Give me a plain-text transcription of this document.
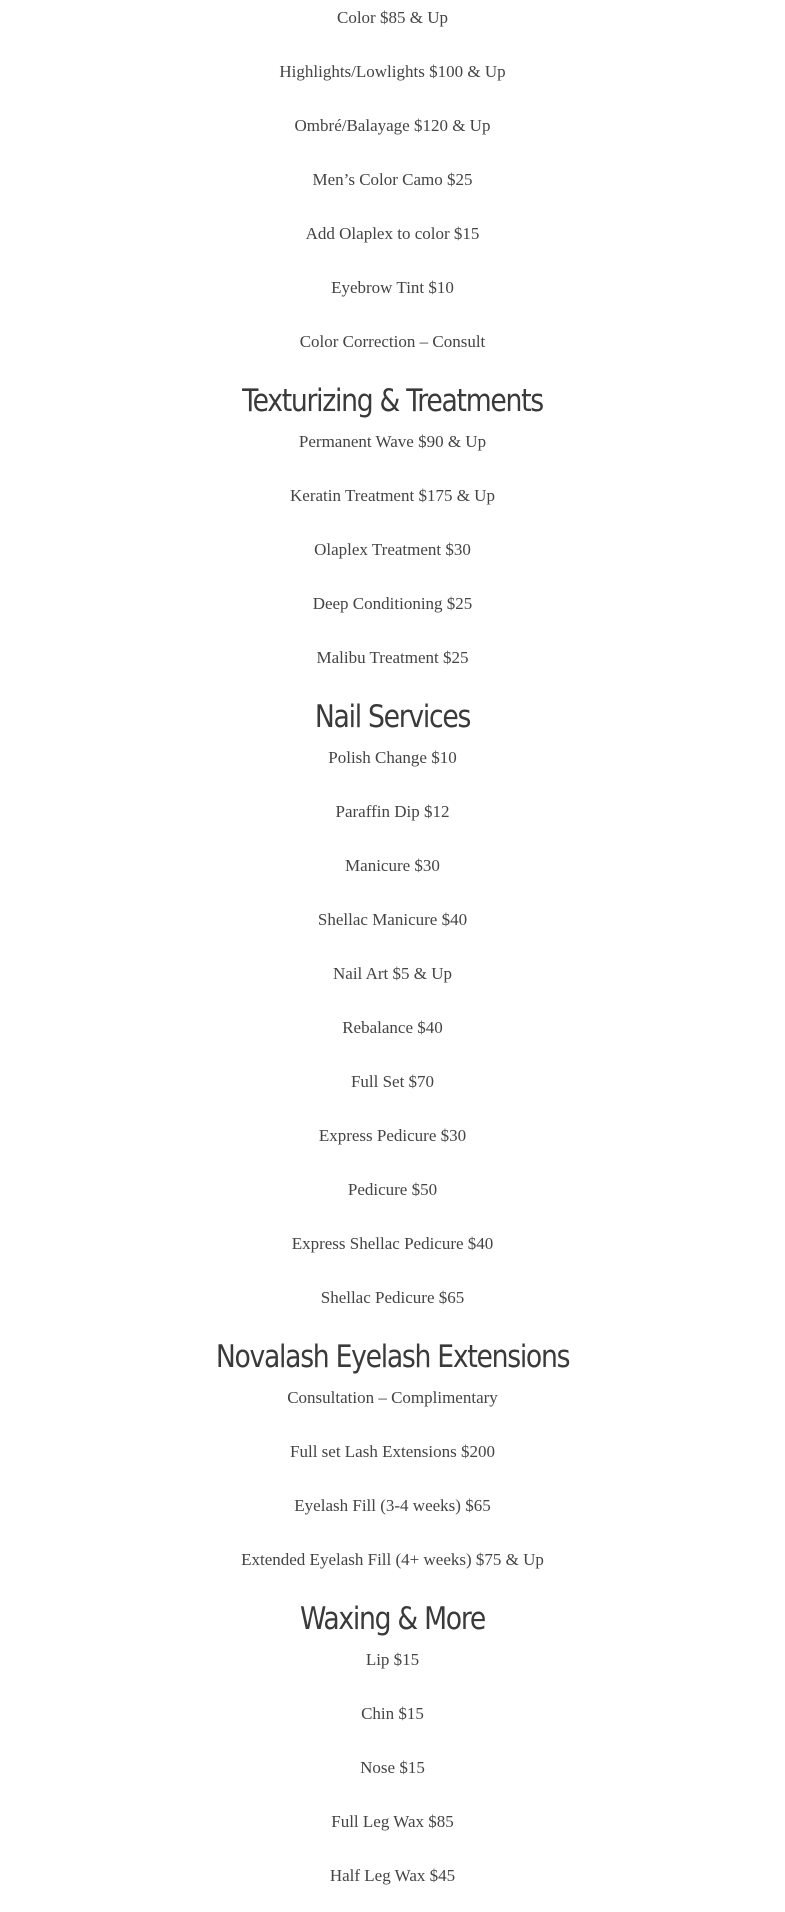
Color $85 & Up

Highlights/Lowlights $100 & Up

Ombré/Balayage $120 & Up

Men’s Color Camo $25

Add Olaplex to color $15

Eyebrow Tint $10

Color Correction – Consult

Texturizing & Treatments

Permanent Wave $90 & Up

Keratin Treatment $175 & Up

Olaplex Treatment $30

Deep Conditioning $25

Malibu Treatment $25

Nail Services

Polish Change $10

Paraffin Dip $12

Manicure $30

Shellac Manicure $40

Nail Art $5 & Up

Rebalance $40

Full Set $70

Express Pedicure $30

Pedicure $50

Express Shellac Pedicure $40

Shellac Pedicure $65

Novalash Eyelash Extensions

Consultation – Complimentary

Full set Lash Extensions $200

Eyelash Fill (3-4 weeks) $65

Extended Eyelash Fill (4+ weeks) $75 & Up

Waxing & More

Lip $15

Chin $15

Nose $15

Full Leg Wax $85

Half Leg Wax $45
